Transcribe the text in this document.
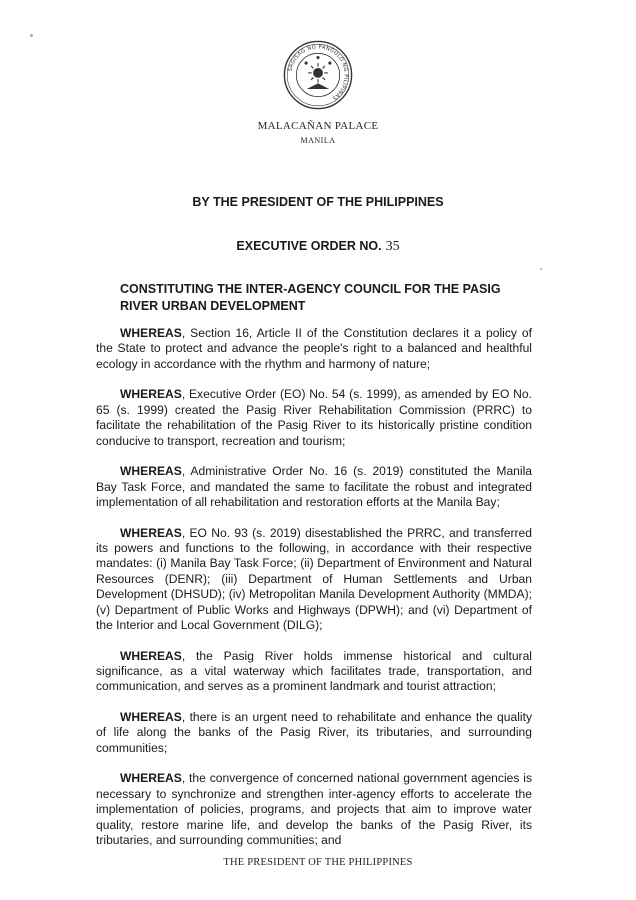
SAGISAG NG PANGULO NG PILIPINAS
MALACAÑAN PALACE
MANILA
BY THE PRESIDENT OF THE PHILIPPINES
EXECUTIVE ORDER NO. 35
CONSTITUTING THE INTER-AGENCY COUNCIL FOR THE PASIG RIVER URBAN DEVELOPMENT

WHEREAS, Section 16, Article II of the Constitution declares it a policy of the State to protect and advance the people's right to a balanced and healthful ecology in accordance with the rhythm and harmony of nature;

WHEREAS, Executive Order (EO) No. 54 (s. 1999), as amended by EO No. 65 (s. 1999) created the Pasig River Rehabilitation Commission (PRRC) to facilitate the rehabilitation of the Pasig River to its historically pristine condition conducive to transport, recreation and tourism;

WHEREAS, Administrative Order No. 16 (s. 2019) constituted the Manila Bay Task Force, and mandated the same to facilitate the robust and integrated implementation of all rehabilitation and restoration efforts at the Manila Bay;

WHEREAS, EO No. 93 (s. 2019) disestablished the PRRC, and transferred its powers and functions to the following, in accordance with their respective mandates: (i) Manila Bay Task Force; (ii) Department of Environment and Natural Resources (DENR); (iii) Department of Human Settlements and Urban Development (DHSUD); (iv) Metropolitan Manila Development Authority (MMDA); (v) Department of Public Works and Highways (DPWH); and (vi) Department of the Interior and Local Government (DILG);

WHEREAS, the Pasig River holds immense historical and cultural significance, as a vital waterway which facilitates trade, transportation, and communication, and serves as a prominent landmark and tourist attraction;

WHEREAS, there is an urgent need to rehabilitate and enhance the quality of life along the banks of the Pasig River, its tributaries, and surrounding communities;

WHEREAS, the convergence of concerned national government agencies is necessary to synchronize and strengthen inter-agency efforts to accelerate the implementation of policies, programs, and projects that aim to improve water quality, restore marine life, and develop the banks of the Pasig River, its tributaries, and surrounding communities; and

THE PRESIDENT OF THE PHILIPPINES
